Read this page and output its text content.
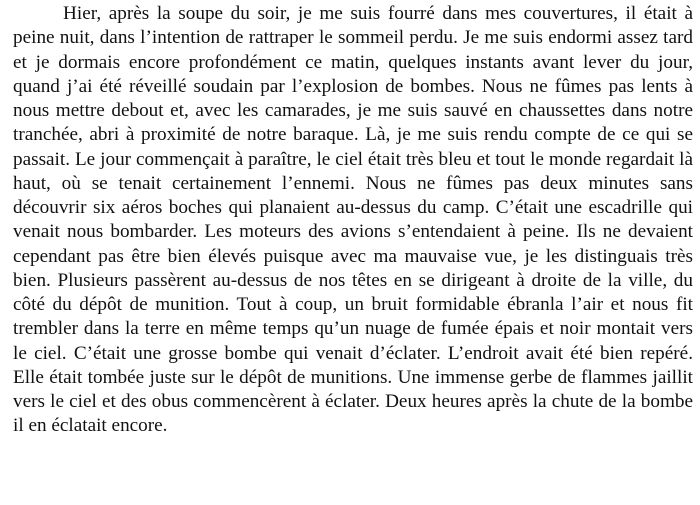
Hier, après la soupe du soir, je me suis fourré dans mes couvertures, il était à peine nuit, dans l’intention de rattraper le sommeil perdu. Je me suis endormi assez tard et je dormais encore profondément ce matin, quelques instants avant lever du jour, quand j’ai été réveillé soudain par l’explosion de bombes. Nous ne fûmes pas lents à nous mettre debout et, avec les camarades, je me suis sauvé en chaussettes dans notre tranchée, abri à proximité de notre baraque. Là, je me suis rendu compte de ce qui se passait. Le jour commençait à paraître, le ciel était très bleu et tout le monde regardait là haut, où se tenait certainement l’ennemi. Nous ne fûmes pas deux minutes sans découvrir six aéros boches qui planaient au-dessus du camp. C’était une escadrille qui venait nous bombarder. Les moteurs des avions s’entendaient à peine. Ils ne devaient cependant pas être bien élevés puisque avec ma mauvaise vue, je les distinguais très bien. Plusieurs passèrent au-dessus de nos têtes en se dirigeant à droite de la ville, du côté du dépôt de munition. Tout à coup, un bruit formidable ébranla l’air et nous fit trembler dans la terre en même temps qu’un nuage de fumée épais et noir montait vers le ciel. C’était une grosse bombe qui venait d’éclater. L’endroit avait été bien repéré. Elle était tombée juste sur le dépôt de munitions. Une immense gerbe de flammes jaillit vers le ciel et des obus commencèrent à éclater. Deux heures après la chute de la bombe il en éclatait encore.
